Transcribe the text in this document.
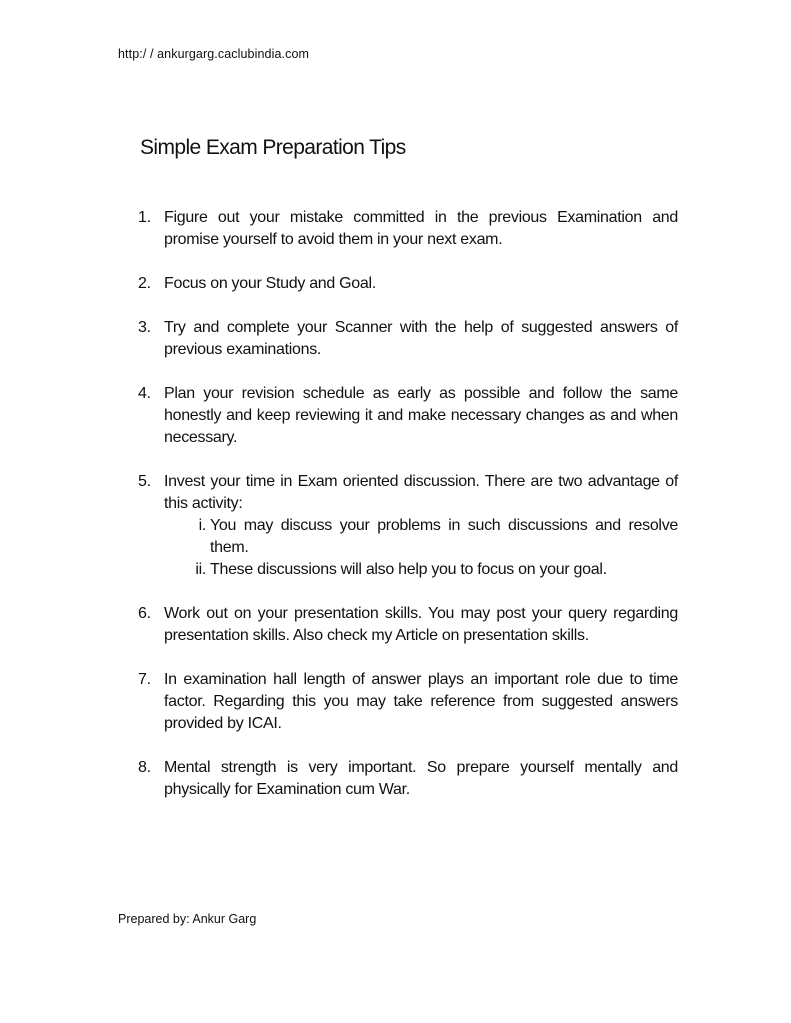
http:/ / ankurgarg.caclubindia.com
Simple Exam Preparation Tips
1. Figure out your mistake committed in the previous Examination and promise yourself to avoid them in your next exam.
2. Focus on your Study and Goal.
3. Try and complete your Scanner with the help of suggested answers of previous examinations.
4. Plan your revision schedule as early as possible and follow the same honestly and keep reviewing it and make necessary changes as and when necessary.
5. Invest your time in Exam oriented discussion. There are two advantage of this activity:
i. You may discuss your problems in such discussions and resolve them.
ii. These discussions will also help you to focus on your goal.
6. Work out on your presentation skills. You may post your query regarding presentation skills. Also check my Article on presentation skills.
7. In examination hall length of answer plays an important role due to time factor. Regarding this you may take reference from suggested answers provided by ICAI.
8. Mental strength is very important. So prepare yourself mentally and physically for Examination cum War.
Prepared by: Ankur Garg
